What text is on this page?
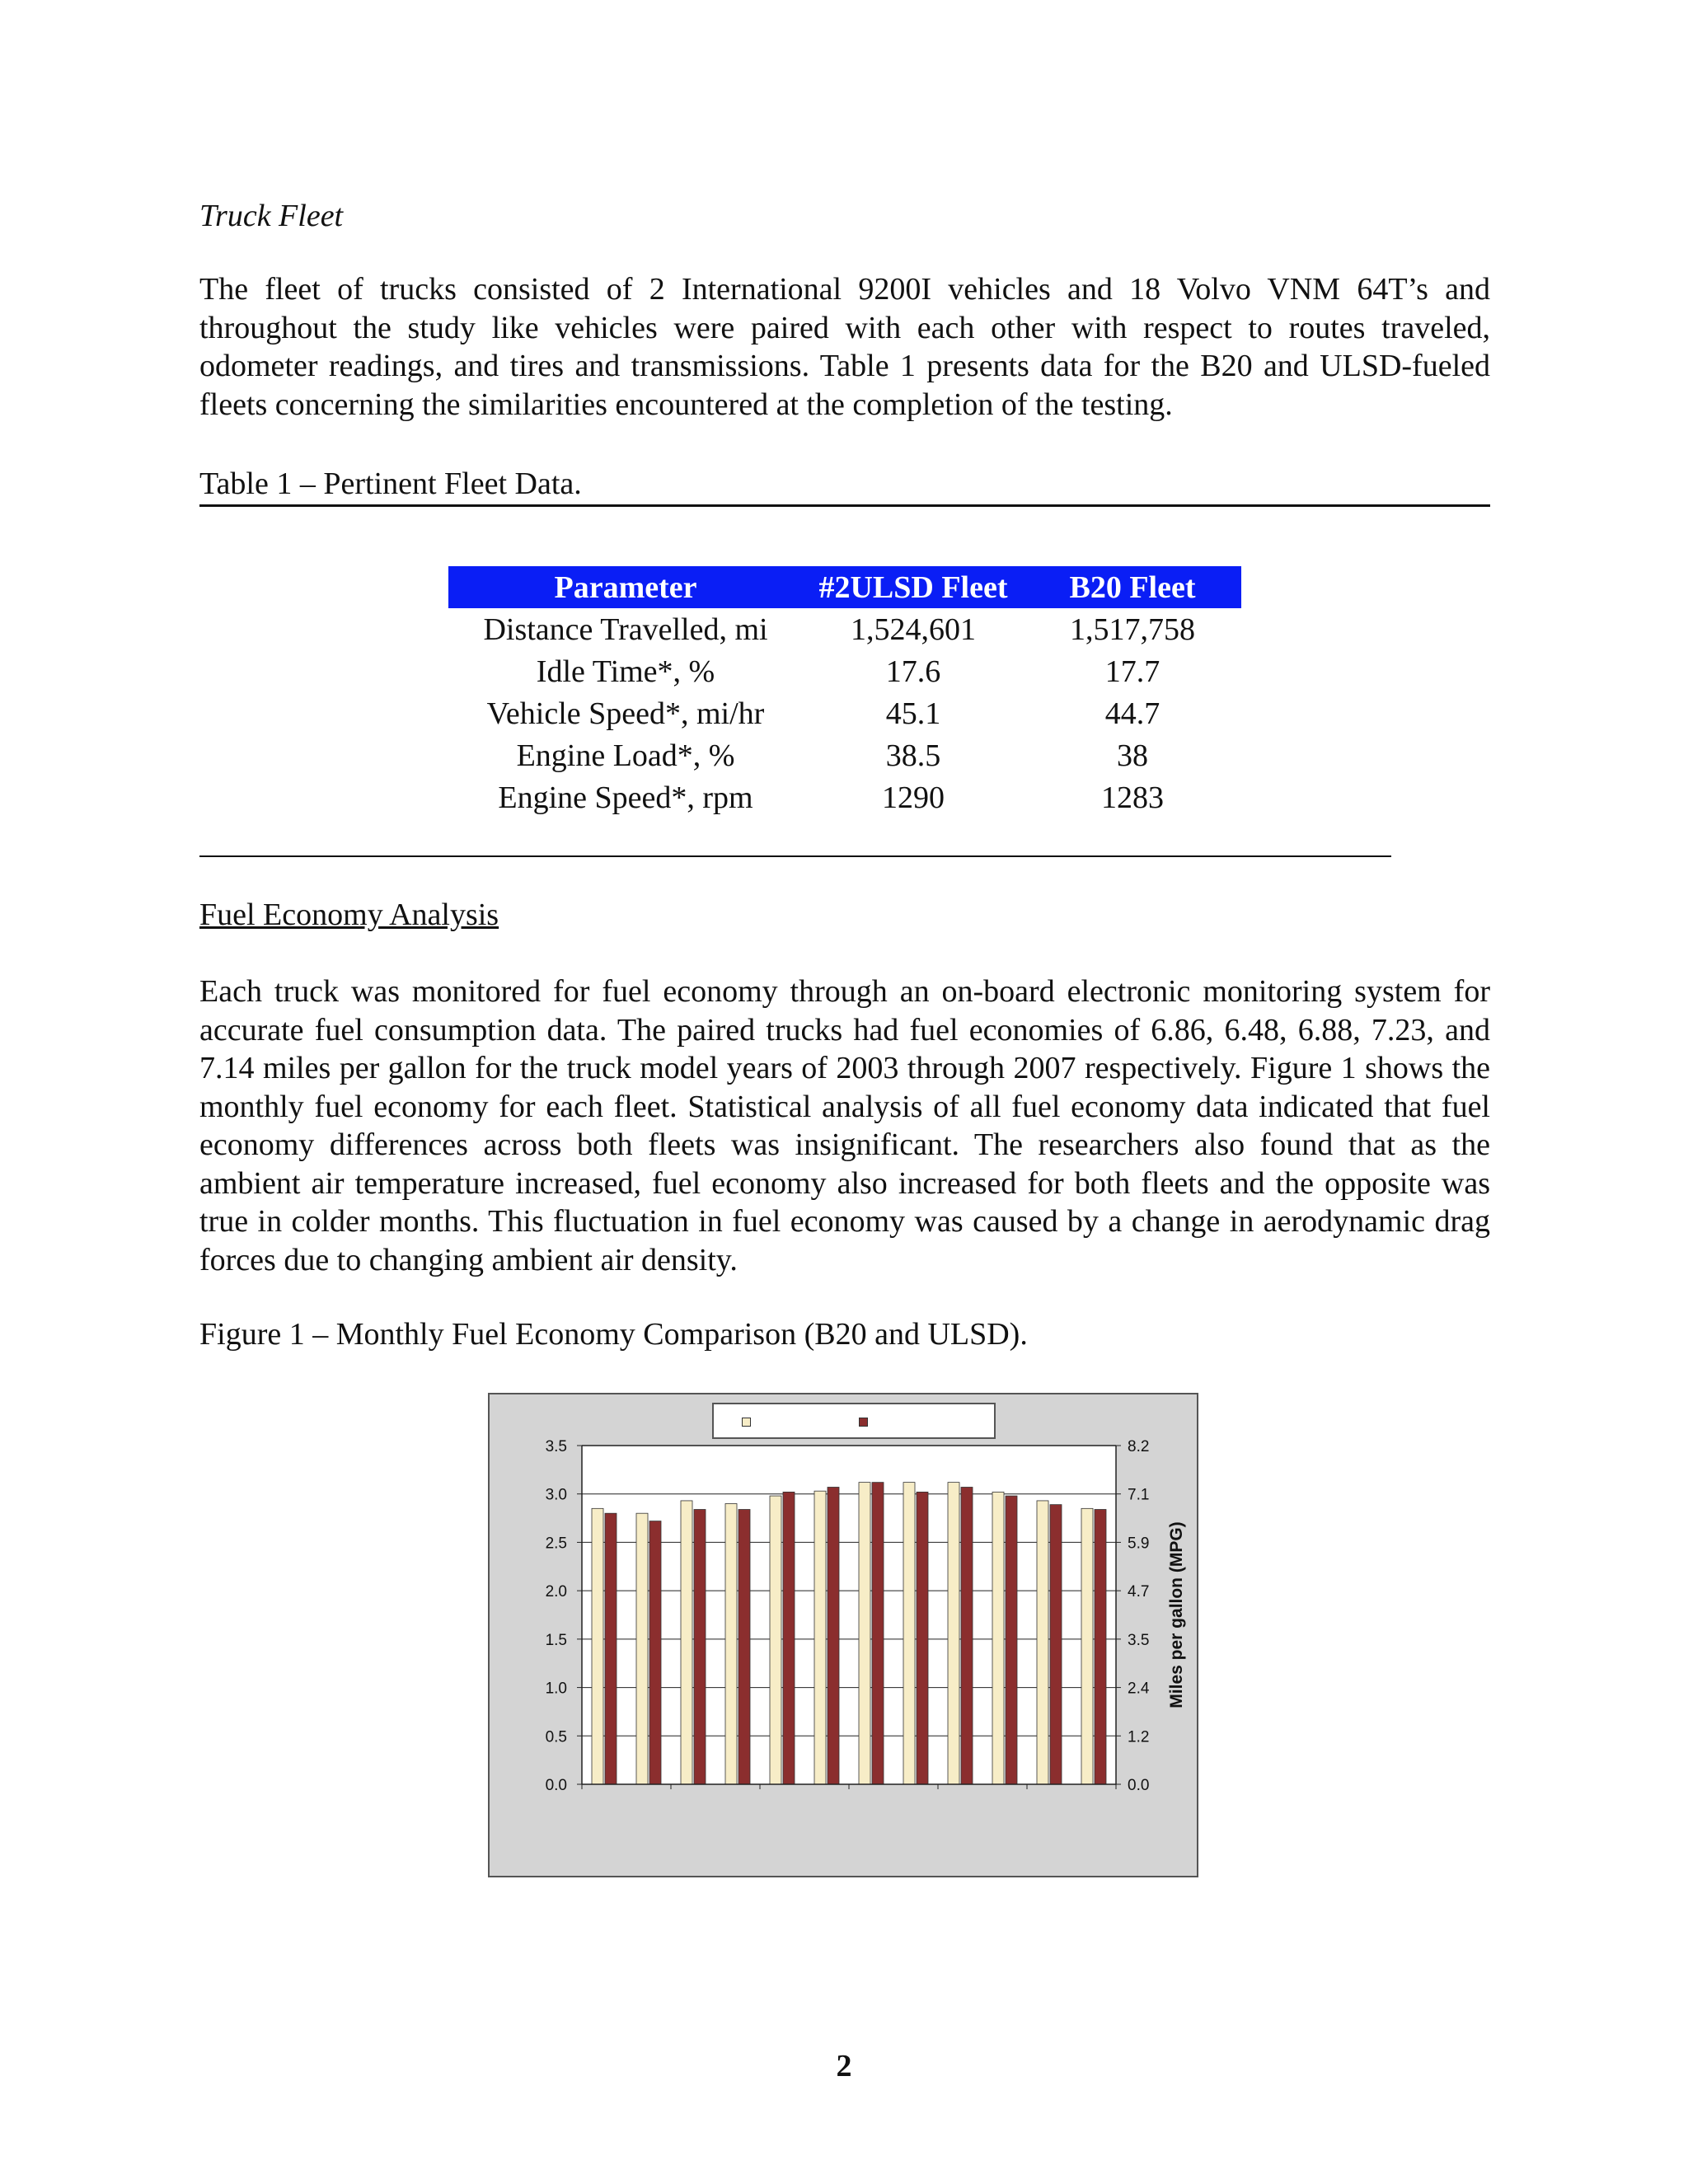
Truck Fleet
The fleet of trucks consisted of 2 International 9200I vehicles and 18 Volvo VNM 64T’s and throughout the study like vehicles were paired with each other with respect to routes traveled, odometer readings, and tires and transmissions. Table 1 presents data for the B20 and ULSD-fueled fleets concerning the similarities encountered at the completion of the testing.
Table 1 – Pertinent Fleet Data.
Parameter	#2ULSD Fleet	B20 Fleet
Distance Travelled, mi	1,524,601	1,517,758
Idle Time*, %	17.6	17.7
Vehicle Speed*, mi/hr	45.1	44.7
Engine Load*, %	38.5	38
Engine Speed*, rpm	1290	1283
Fuel Economy Analysis
Each truck was monitored for fuel economy through an on-board electronic monitoring system for accurate fuel consumption data. The paired trucks had fuel economies of 6.86, 6.48, 6.88, 7.23, and 7.14 miles per gallon for the truck model years of 2003 through 2007 respectively. Figure 1 shows the monthly fuel economy for each fleet. Statistical analysis of all fuel economy data indicated that fuel economy differences across both fleets was insignificant. The researchers also found that as the ambient air temperature increased, fuel economy also increased for both fleets and the opposite was true in colder months. This fluctuation in fuel economy was caused by a change in aerodynamic drag forces due to changing ambient air density.
Figure 1 – Monthly Fuel Economy Comparison (B20 and ULSD).
0.0	0.0
0.5	1.2
1.0	2.4
1.5	3.5
2.0	4.7
2.5	5.9
3.0	7.1
3.5	8.2
Miles per gallon (MPG)
2
